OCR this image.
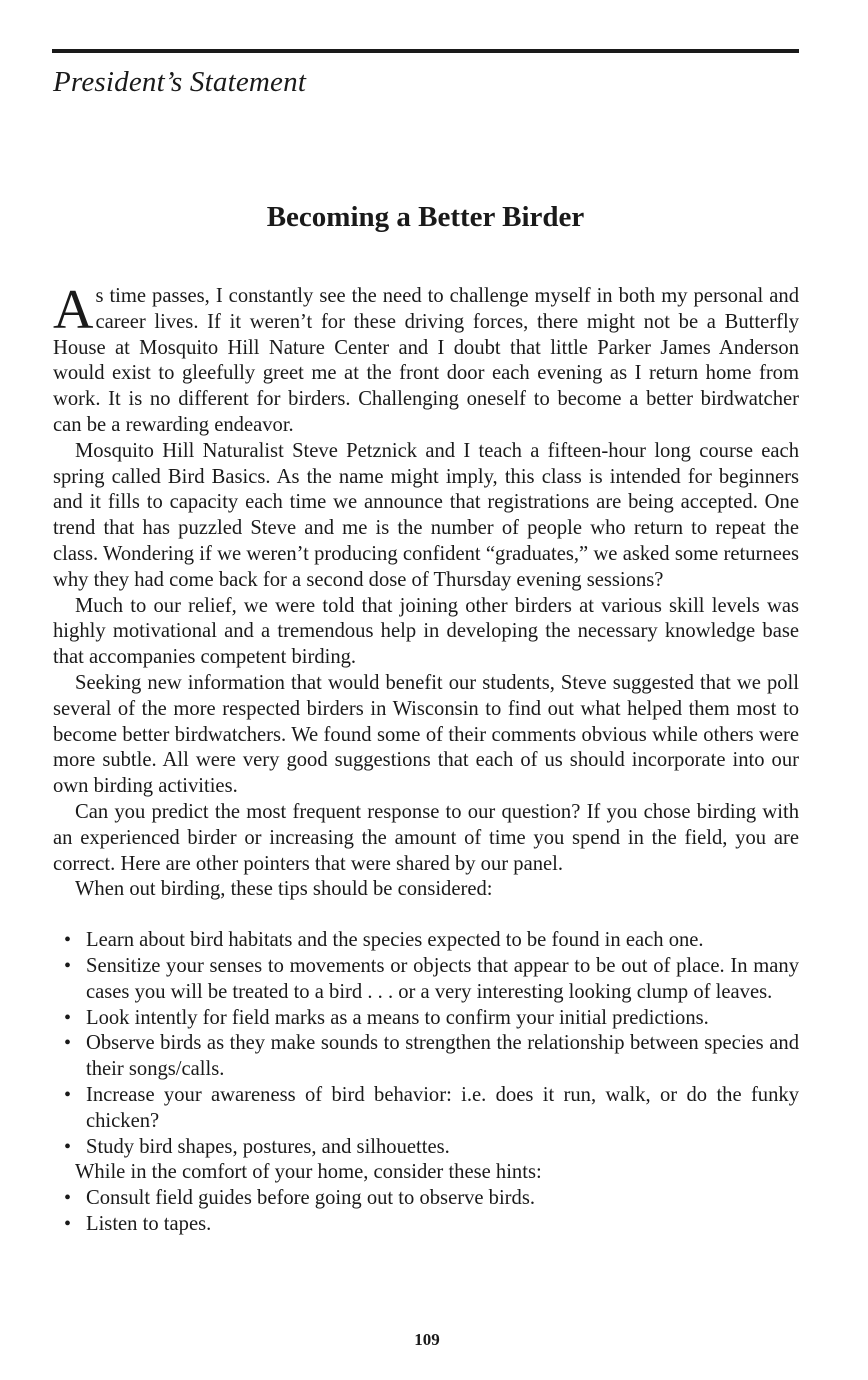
President’s Statement
Becoming a Better Birder

As time passes, I constantly see the need to challenge myself in both my personal and career lives. If it weren’t for these driving forces, there might not be a Butterfly House at Mosquito Hill Nature Center and I doubt that little Parker James Anderson would exist to gleefully greet me at the front door each evening as I return home from work. It is no different for birders. Challenging oneself to become a better birdwatcher can be a rewarding endeavor.

Mosquito Hill Naturalist Steve Petznick and I teach a fifteen-hour long course each spring called Bird Basics. As the name might imply, this class is intended for beginners and it fills to capacity each time we announce that registrations are being accepted. One trend that has puzzled Steve and me is the number of people who return to repeat the class. Wondering if we weren’t producing confident “graduates,” we asked some returnees why they had come back for a second dose of Thursday evening sessions?

Much to our relief, we were told that joining other birders at various skill levels was highly motivational and a tremendous help in developing the necessary knowledge base that accompanies competent birding.

Seeking new information that would benefit our students, Steve suggested that we poll several of the more respected birders in Wisconsin to find out what helped them most to become better birdwatchers. We found some of their comments obvious while others were more subtle. All were very good suggestions that each of us should incorporate into our own birding activities.

Can you predict the most frequent response to our question? If you chose birding with an experienced birder or increasing the amount of time you spend in the field, you are correct. Here are other pointers that were shared by our panel.

When out birding, these tips should be considered:

• Learn about bird habitats and the species expected to be found in each one.
• Sensitize your senses to movements or objects that appear to be out of place. In many cases you will be treated to a bird . . . or a very interesting looking clump of leaves.
• Look intently for field marks as a means to confirm your initial predictions.
• Observe birds as they make sounds to strengthen the relationship between species and their songs/calls.
• Increase your awareness of bird behavior: i.e. does it run, walk, or do the funky chicken?
• Study bird shapes, postures, and silhouettes.

While in the comfort of your home, consider these hints:

• Consult field guides before going out to observe birds.
• Listen to tapes.
109
